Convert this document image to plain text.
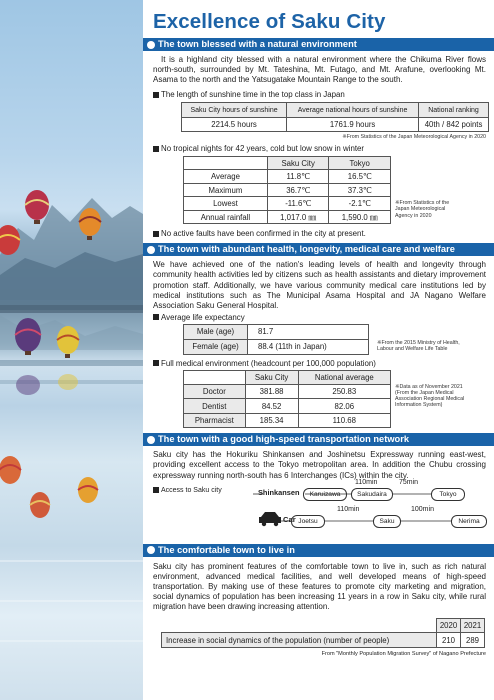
Excellence of Saku City
The town blessed with a natural environment

It is a highland city blessed with a natural environment where the Chikuma River flows north-south, surrounded by Mt. Tateshina, Mt. Futago, and Mt. Arafune, overlooking Mt. Asama to the north and the Yatsugatake Mountain Range to the south.

The length of sunshine time in the top class in Japan
Saku City hours of sunshine	Average national hours of sunshine	National ranking
2214.5 hours	1761.9 hours	40th / 842 points
※From Statistics of the Japan Meteorological Agency in 2020
No tropical nights for 42 years, cold but low snow in winter
	Saku City	Tokyo
Average	11.8℃	16.5℃
Maximum	36.7℃	37.3℃
Lowest	-11.6℃	-2.1℃
Annual rainfall	1,017.0 ㎜	1,590.0 ㎜
※From Statistics of the Japan Meteorological Agency in 2020
No active faults have been confirmed in the city at present.
The town with abundant health, longevity, medical care and welfare

We have achieved one of the nation's leading levels of health and longevity through community health activities led by citizens such as health assistants and dietary improvement promotion staff. Additionally, we have various community medical care institutions led by medical institutions such as The Municipal Asama Hospital and JA Nagano Welfare Association Saku General Hospital.

Average life expectancy
Male (age)	81.7
Female (age)	88.4 (11th in Japan)	※From the 2015 Ministry of Health, Labour and Welfare Life Table
Full medical environment (headcount per 100,000 population)
	Saku City	National average
Doctor	381.88	250.83
Dentist	84.52	82.06
Pharmacist	185.34	110.68
※Data as of November 2021 (From the Japan Medical Association Regional Medical Information System)
The town with a good high-speed transportation network

Saku city has the Hokuriku Shinkansen and Joshinetsu Expressway running east-west, providing excellent access to the Tokyo metropolitan area. In addition the Chubu crossing expressway running north-south has 6 Interchanges (ICs) within the city.

Access to Saku city	Shinkansen	Karuizawa
110min
Sakudaira
75min
Tokyo
Car Joetsu
110min
Saku
100min
Nerima
The comfortable town to live in

Saku city has prominent features of the comfortable town to live in, such as rich natural environment, advanced medical facilities, and well developed means of high-speed transportation. By making use of these features to promote city marketing and migration, social dynamics of population has been increasing 11 years in a row in Saku city, while rural migration have been drawing increasing attention.

	2020	2021
Increase in social dynamics of the population (number of people)	210	289
From "Monthly Population Migration Survey" of Nagano Prefecture
